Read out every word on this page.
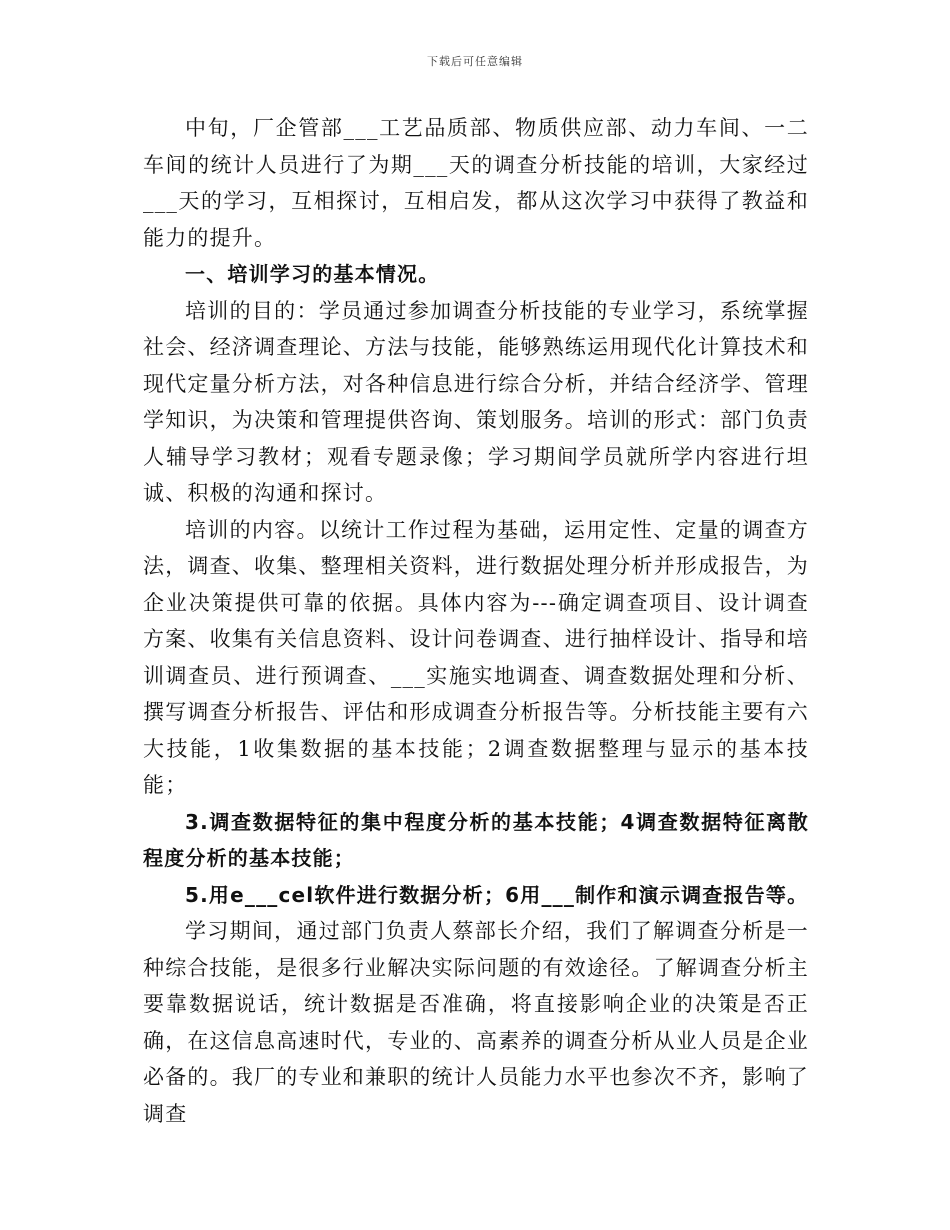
下载后可任意编辑

中旬，厂企管部___工艺品质部、物质供应部、动力车间、一二车间的统计人员进行了为期___天的调查分析技能的培训，大家经过___天的学习，互相探讨，互相启发，都从这次学习中获得了教益和能力的提升。

一、培训学习的基本情况。

培训的目的：学员通过参加调查分析技能的专业学习，系统掌握社会、经济调查理论、方法与技能，能够熟练运用现代化计算技术和现代定量分析方法，对各种信息进行综合分析，并结合经济学、管理学知识，为决策和管理提供咨询、策划服务。培训的形式：部门负责人辅导学习教材；观看专题录像；学习期间学员就所学内容进行坦诚、积极的沟通和探讨。

培训的内容。以统计工作过程为基础，运用定性、定量的调查方法，调查、收集、整理相关资料，进行数据处理分析并形成报告，为企业决策提供可靠的依据。具体内容为---确定调查项目、设计调查方案、收集有关信息资料、设计问卷调查、进行抽样设计、指导和培训调查员、进行预调查、___实施实地调查、调查数据处理和分析、撰写调查分析报告、评估和形成调查分析报告等。分析技能主要有六大技能，1收集数据的基本技能；2调查数据整理与显示的基本技能；

3.调查数据特征的集中程度分析的基本技能；4调查数据特征离散程度分析的基本技能；

5.用e___cel软件进行数据分析；6用___制作和演示调查报告等。

学习期间，通过部门负责人蔡部长介绍，我们了解调查分析是一种综合技能，是很多行业解决实际问题的有效途径。了解调查分析主要靠数据说话，统计数据是否准确，将直接影响企业的决策是否正确，在这信息高速时代，专业的、高素养的调查分析从业人员是企业必备的。我厂的专业和兼职的统计人员能力水平也参次不齐，影响了调查
